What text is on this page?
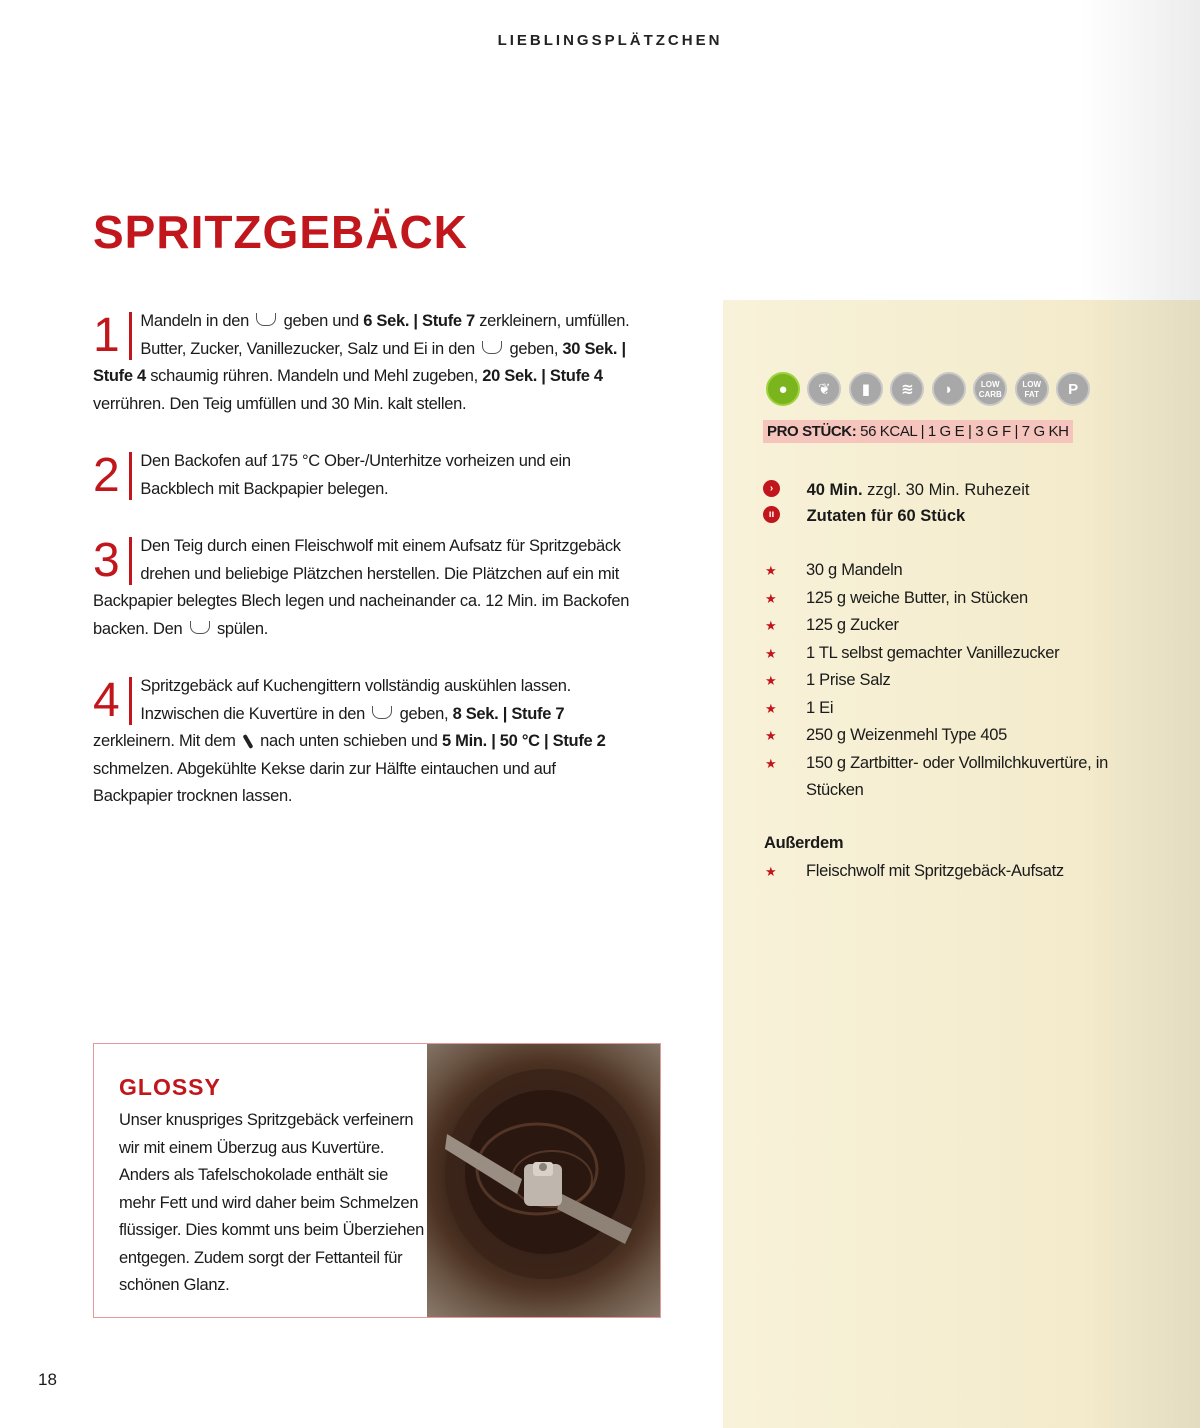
LIEBLINGSPLÄTZCHEN
SPRITZGEBÄCK
1	Mandeln in den geben und 6 Sek. | Stufe 7 zerkleinern, umfüllen. Butter, Zucker, Vanillezucker, Salz und Ei in den geben, 30 Sek. | Stufe 4 schaumig rühren. Mandeln und Mehl zugeben, 20 Sek. | Stufe 4 verrühren. Den Teig umfüllen und 30 Min. kalt stellen.

2	Den Backofen auf 175 °C Ober-/Unterhitze vorheizen und ein Backblech mit Backpapier belegen.

3	Den Teig durch einen Fleischwolf mit einem Aufsatz für Spritzgebäck drehen und beliebige Plätzchen herstellen. Die Plätzchen auf ein mit Backpapier belegtes Blech legen und nacheinander ca. 12 Min. im Backofen backen. Den spülen.

4	Spritzgebäck auf Kuchengittern vollständig auskühlen lassen. Inzwischen die Kuvertüre in den geben, 8 Sek. | Stufe 7 zerkleinern. Mit dem nach unten schieben und 5 Min. | 50 °C | Stufe 2 schmelzen. Abgekühlte Kekse darin zur Hälfte eintauchen und auf Backpapier trocknen lassen.

● ❦ ▮ ≋ ◗	LOW CARB LOW FAT P
PRO STÜCK: 56 KCAL | 1 G E | 3 G F | 7 G KH
› 40 Min. zzgl. 30 Min. Ruhezeit
ıı Zutaten für 60 Stück
★ 30 g Mandeln
★ 125 g weiche Butter, in Stücken
★ 125 g Zucker
★ 1 TL selbst gemachter Vanillezucker
★ 1 Prise Salz
★ 1 Ei
★ 250 g Weizenmehl Type 405
★ 150 g Zartbitter- oder Vollmilchkuvertüre, in Stücken
Außerdem
★ Fleischwolf mit Spritzgebäck-Aufsatz
GLOSSY

Unser knuspriges Spritzgebäck verfeinern wir mit einem Überzug aus Kuvertüre. Anders als Tafelschokolade enthält sie mehr Fett und wird daher beim Schmelzen flüssiger. Dies kommt uns beim Überziehen entgegen. Zudem sorgt der Fettanteil für schönen Glanz.

18
